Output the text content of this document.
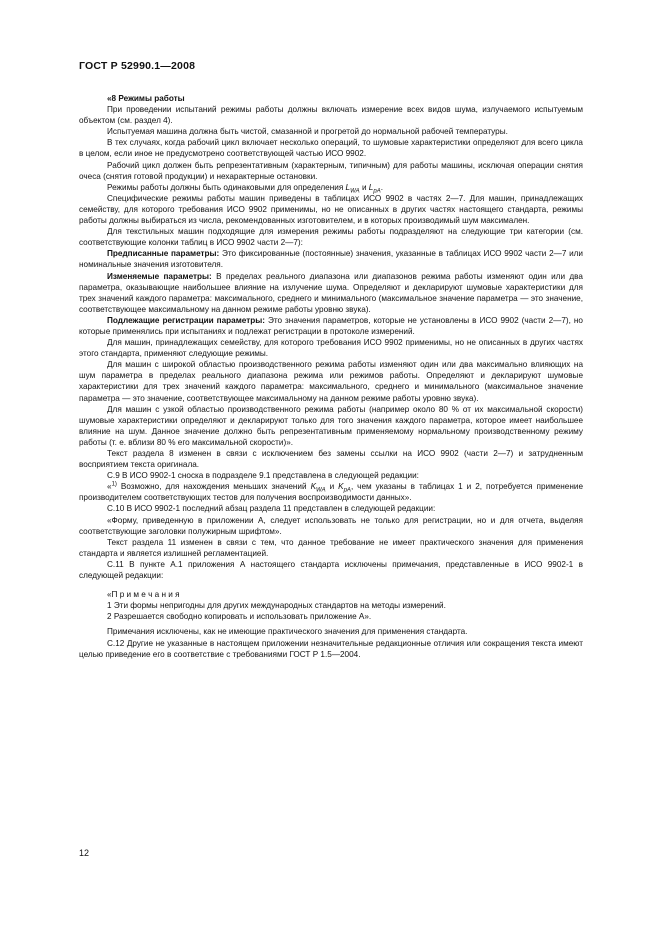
ГОСТ Р 52990.1—2008

«8 Режимы работы

При проведении испытаний режимы работы должны включать измерение всех видов шума, излучаемого испытуемым объектом (см. раздел 4).

Испытуемая машина должна быть чистой, смазанной и прогретой до нормальной рабочей температуры.

В тех случаях, когда рабочий цикл включает несколько операций, то шумовые характеристики определяют для всего цикла в целом, если иное не предусмотрено соответствующей частью ИСО 9902.

Рабочий цикл должен быть репрезентативным (характерным, типичным) для работы машины, исключая операции снятия очеса (снятия готовой продукции) и нехарактерные остановки.

Режимы работы должны быть одинаковыми для определения $L_{WA}$ и $L_{pA}$.

Специфические режимы работы машин приведены в таблицах ИСО 9902 в частях 2—7. Для машин, принадлежащих семейству, для которого требования ИСО 9902 применимы, но не описанных в других частях настоящего стандарта, режимы работы должны выбираться из числа, рекомендованных изготовителем, и в которых производимый шум максимален.

Для текстильных машин подходящие для измерения режимы работы подразделяют на следующие три категории (см. соответствующие колонки таблиц в ИСО 9902 части 2—7):

Предписанные параметры: Это фиксированные (постоянные) значения, указанные в таблицах ИСО 9902 части 2—7 или номинальные значения изготовителя.

Изменяемые параметры: В пределах реального диапазона или диапазонов режима работы изменяют один или два параметра, оказывающие наибольшее влияние на излучение шума. Определяют и декларируют шумовые характеристики для трех значений каждого параметра: максимального, среднего и минимального (максимальное значение параметра — это значение, соответствующее максимальному на данном режиме работы уровню звука).

Подлежащие регистрации параметры: Это значения параметров, которые не установлены в ИСО 9902 (части 2—7), но которые применялись при испытаниях и подлежат регистрации в протоколе измерений.

Для машин, принадлежащих семейству, для которого требования ИСО 9902 применимы, но не описанных в других частях этого стандарта, применяют следующие режимы.

Для машин с широкой областью производственного режима работы изменяют один или два максимально влияющих на шум параметра в пределах реального диапазона режима или режимов работы. Определяют и декларируют шумовые характеристики для трех значений каждого параметра: максимального, среднего и минимального (максимальное значение параметра — это значение, соответствующее максимальному на данном режиме работы уровню звука).

Для машин с узкой областью производственного режима работы (например около 80 % от их максимальной скорости) шумовые характеристики определяют и декларируют только для того значения каждого параметра, которое имеет наибольшее влияние на шум. Данное значение должно быть репрезентативным применяемому нормальному производственному режиму работы (т. е. вблизи 80 % его максимальной скорости)».

Текст раздела 8 изменен в связи с исключением без замены ссылки на ИСО 9902 (части 2—7) и затрудненным восприятием текста оригинала.

С.9 В ИСО 9902-1 сноска в подразделе 9.1 представлена в следующей редакции:

«$^{1)}$ Возможно, для нахождения меньших значений $K_{WA}$ и $K_{pA}$, чем указаны в таблицах 1 и 2, потребуется применение производителем соответствующих тестов для получения воспроизводимости данных».

С.10 В ИСО 9902-1 последний абзац раздела 11 представлен в следующей редакции:

«Форму, приведенную в приложении А, следует использовать не только для регистрации, но и для отчета, выделяя соответствующие заголовки полужирным шрифтом».

Текст раздела 11 изменен в связи с тем, что данное требование не имеет практического значения для применения стандарта и является излишней регламентацией.

С.11 В пункте А.1 приложения А настоящего стандарта исключены примечания, представленные в ИСО 9902-1 в следующей редакции:

«П р и м е ч а н и я

1 Эти формы непригодны для других международных стандартов на методы измерений.

2 Разрешается свободно копировать и использовать приложение А».

Примечания исключены, как не имеющие практического значения для применения стандарта.

С.12 Другие не указанные в настоящем приложении незначительные редакционные отличия или сокращения текста имеют целью приведение его в соответствие с требованиями ГОСТ Р 1.5—2004.

12
